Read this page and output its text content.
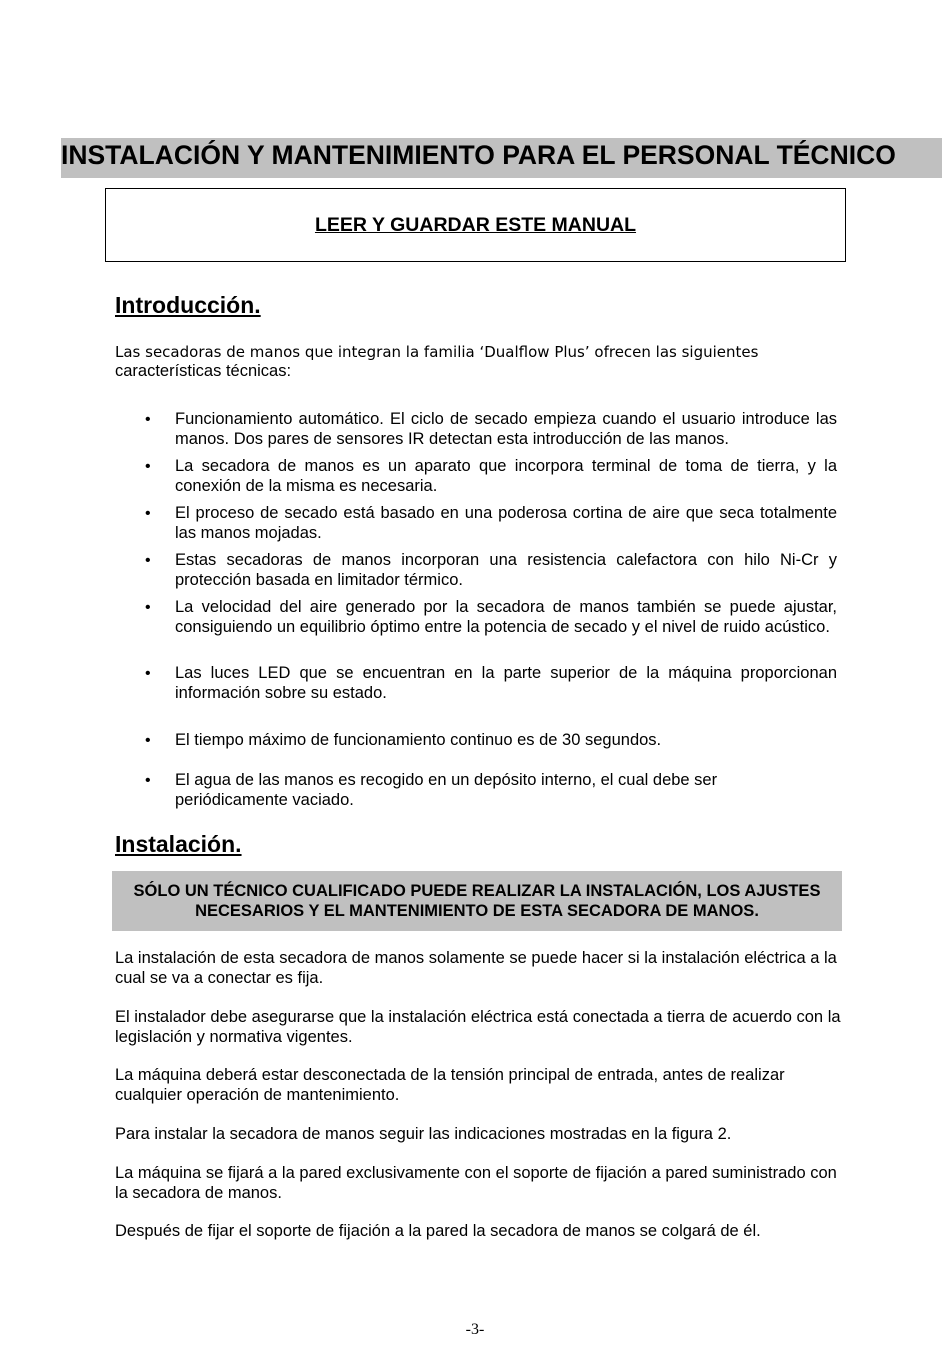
INSTALACIÓN Y MANTENIMIENTO PARA EL PERSONAL TÉCNICO

LEER Y GUARDAR ESTE MANUAL

Introducción.

Las secadoras de manos que integran la familia ‘Dualflow Plus’ ofrecen las siguientes
características técnicas:

• Funcionamiento automático. El ciclo de secado empieza cuando el usuario introduce las manos. Dos pares de sensores IR detectan esta introducción de las manos.
• La secadora de manos es un aparato que incorpora terminal de toma de tierra, y la conexión de la misma es necesaria.
• El proceso de secado está basado en una poderosa cortina de aire que seca totalmente las manos mojadas.
• Estas secadoras de manos incorporan una resistencia calefactora con hilo Ni-Cr y protección basada en limitador térmico.
• La velocidad del aire generado por la secadora de manos también se puede ajustar, consiguiendo un equilibrio óptimo entre la potencia de secado y el nivel de ruido acústico.
• Las luces LED que se encuentran en la parte superior de la máquina proporcionan información sobre su estado.
• El tiempo máximo de funcionamiento continuo es de 30 segundos.
• El agua de las manos es recogido en un depósito interno, el cual debe ser periódicamente vaciado.
Instalación.

SÓLO UN TÉCNICO CUALIFICADO PUEDE REALIZAR LA INSTALACIÓN, LOS AJUSTES NECESARIOS Y EL MANTENIMIENTO DE ESTA SECADORA DE MANOS.

La instalación de esta secadora de manos solamente se puede hacer si la instalación eléctrica a la cual se va a conectar es fija.

El instalador debe asegurarse que la instalación eléctrica está conectada a tierra de acuerdo con la legislación y normativa vigentes.

La máquina deberá estar desconectada de la tensión principal de entrada, antes de realizar cualquier operación de mantenimiento.

Para instalar la secadora de manos seguir las indicaciones mostradas en la figura 2.

La máquina se fijará a la pared exclusivamente con el soporte de fijación a pared suministrado con la secadora de manos.

Después de fijar el soporte de fijación a la pared la secadora de manos se colgará de él.

-3-
